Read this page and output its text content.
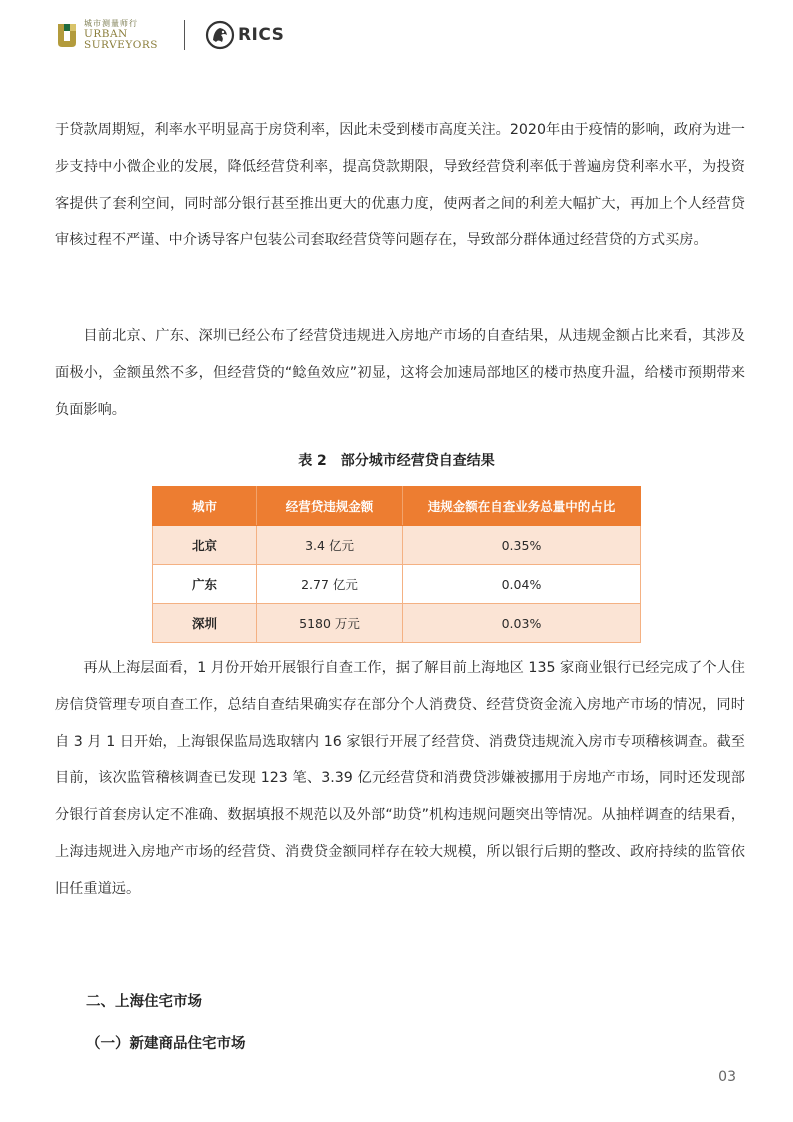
城市测量师行
URBAN
SURVEYORS	RICS

于贷款周期短，利率水平明显高于房贷利率，因此未受到楼市高度关注。2020年由于疫情的影响，政府为进一步支持中小微企业的发展，降低经营贷利率，提高贷款期限，导致经营贷利率低于普遍房贷利率水平，为投资客提供了套利空间，同时部分银行甚至推出更大的优惠力度，使两者之间的利差大幅扩大，再加上个人经营贷审核过程不严谨、中介诱导客户包装公司套取经营贷等问题存在，导致部分群体通过经营贷的方式买房。

目前北京、广东、深圳已经公布了经营贷违规进入房地产市场的自查结果，从违规金额占比来看，其涉及面极小，金额虽然不多，但经营贷的“鲶鱼效应”初显，这将会加速局部地区的楼市热度升温，给楼市预期带来负面影响。

表 2　部分城市经营贷自查结果
城市	经营贷违规金额	违规金额在自查业务总量中的占比
北京	3.4 亿元	0.35%
广东	2.77 亿元	0.04%
深圳	5180 万元	0.03%

再从上海层面看，1 月份开始开展银行自查工作，据了解目前上海地区 135 家商业银行已经完成了个人住房信贷管理专项自查工作，总结自查结果确实存在部分个人消费贷、经营贷资金流入房地产市场的情况，同时自 3 月 1 日开始，上海银保监局选取辖内 16 家银行开展了经营贷、消费贷违规流入房市专项稽核调查。截至目前，该次监管稽核调查已发现 123 笔、3.39 亿元经营贷和消费贷涉嫌被挪用于房地产市场，同时还发现部分银行首套房认定不准确、数据填报不规范以及外部“助贷”机构违规问题突出等情况。从抽样调查的结果看，上海违规进入房地产市场的经营贷、消费贷金额同样存在较大规模，所以银行后期的整改、政府持续的监管依旧任重道远。

二、上海住宅市场
（一）新建商品住宅市场
03
